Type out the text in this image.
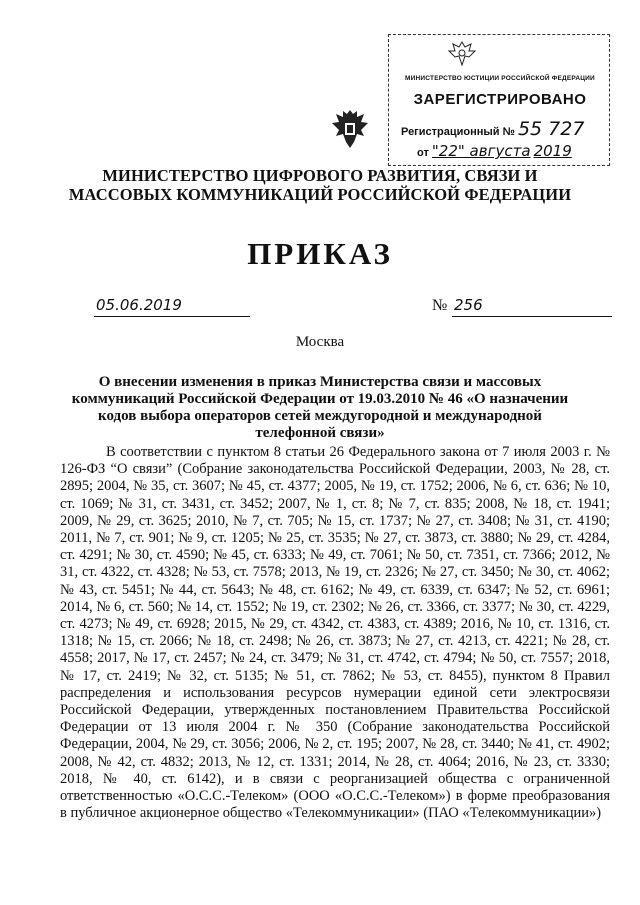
МИНИСТЕРСТВО ЮСТИЦИИ РОССИЙСКОЙ ФЕДЕРАЦИИ
ЗАРЕГИСТРИРОВАНО
Регистрационный № 55 727
от "22" августа 2019
МИНИСТЕРСТВО ЦИФРОВОГО РАЗВИТИЯ, СВЯЗИ И МАССОВЫХ КОММУНИКАЦИЙ РОССИЙСКОЙ ФЕДЕРАЦИИ
ПРИКАЗ
05.06.2019	№ 256
Москва
О внесении изменения в приказ Министерства связи и массовых коммуникаций Российской Федерации от 19.03.2010 № 46 «О назначении кодов выбора операторов сетей междугородной и международной телефонной связи»

В соответствии с пунктом 8 статьи 26 Федерального закона от 7 июля 2003 г. № 126-ФЗ “О связи” (Собрание законодательства Российской Федерации, 2003, № 28, ст. 2895; 2004, № 35, ст. 3607; № 45, ст. 4377; 2005, № 19, ст. 1752; 2006, № 6, ст. 636; № 10, ст. 1069; № 31, ст. 3431, ст. 3452; 2007, № 1, ст. 8; № 7, ст. 835; 2008, № 18, ст. 1941; 2009, № 29, ст. 3625; 2010, № 7, ст. 705; № 15, ст. 1737; № 27, ст. 3408; № 31, ст. 4190; 2011, № 7, ст. 901; № 9, ст. 1205; № 25, ст. 3535; № 27, ст. 3873, ст. 3880; № 29, ст. 4284, ст. 4291; № 30, ст. 4590; № 45, ст. 6333; № 49, ст. 7061; № 50, ст. 7351, ст. 7366; 2012, № 31, ст. 4322, ст. 4328; № 53, ст. 7578; 2013, № 19, ст. 2326; № 27, ст. 3450; № 30, ст. 4062; № 43, ст. 5451; № 44, ст. 5643; № 48, ст. 6162; № 49, ст. 6339, ст. 6347; № 52, ст. 6961; 2014, № 6, ст. 560; № 14, ст. 1552; № 19, ст. 2302; № 26, ст. 3366, ст. 3377; № 30, ст. 4229, ст. 4273; № 49, ст. 6928; 2015, № 29, ст. 4342, ст. 4383, ст. 4389; 2016, № 10, ст. 1316, ст. 1318; № 15, ст. 2066; № 18, ст. 2498; № 26, ст. 3873; № 27, ст. 4213, ст. 4221; № 28, ст. 4558; 2017, № 17, ст. 2457; № 24, ст. 3479; № 31, ст. 4742, ст. 4794; № 50, ст. 7557; 2018, № 17, ст. 2419; № 32, ст. 5135; № 51, ст. 7862; № 53, ст. 8455), пунктом 8 Правил распределения и использования ресурсов нумерации единой сети электросвязи Российской Федерации, утвержденных постановлением Правительства Российской Федерации от 13 июля 2004 г. № 350 (Собрание законодательства Российской Федерации, 2004, № 29, ст. 3056; 2006, № 2, ст. 195; 2007, № 28, ст. 3440; № 41, ст. 4902; 2008, № 42, ст. 4832; 2013, № 12, ст. 1331; 2014, № 28, ст. 4064; 2016, № 23, ст. 3330; 2018, № 40, ст. 6142), и в связи с реорганизацией общества с ограниченной ответственностью «О.С.С.-Телеком» (ООО «О.С.С.-Телеком») в форме преобразования в публичное акционерное общество «Телекоммуникации» (ПАО «Телекоммуникации»)
